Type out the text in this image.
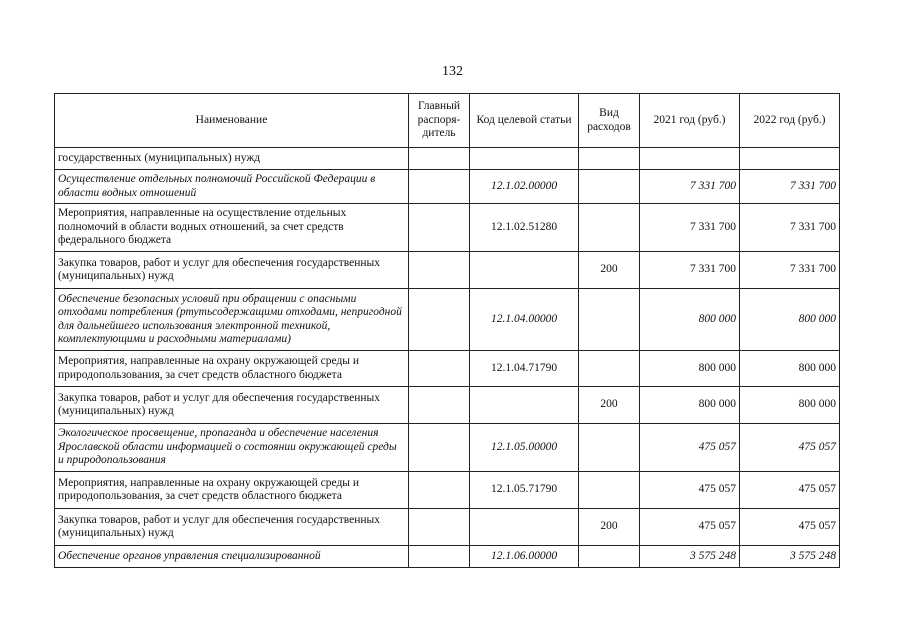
132
Наименование	Главный распоря-дитель	Код целевой статьи	Вид расходов	2021 год (руб.)	2022 год (руб.)
государственных (муниципальных) нужд					
Осуществление отдельных полномочий Российской Федерации в области водных отношений		12.1.02.00000		7 331 700	7 331 700
Мероприятия, направленные на осуществление отдельных полномочий в области водных отношений, за счет средств федерального бюджета		12.1.02.51280		7 331 700	7 331 700
Закупка товаров, работ и услуг для обеспечения государственных (муниципальных) нужд			200	7 331 700	7 331 700
Обеспечение безопасных условий при обращении с опасными отходами потребления (ртутьсодержащими отходами, непригодной для дальнейшего использования электронной техникой, комплектующими и расходными материалами)		12.1.04.00000		800 000	800 000
Мероприятия, направленные на охрану окружающей среды и природопользования, за счет средств областного бюджета		12.1.04.71790		800 000	800 000
Закупка товаров, работ и услуг для обеспечения государственных (муниципальных) нужд			200	800 000	800 000
Экологическое просвещение, пропаганда и обеспечение населения Ярославской области информацией о состоянии окружающей среды и природопользования		12.1.05.00000		475 057	475 057
Мероприятия, направленные на охрану окружающей среды и природопользования, за счет средств областного бюджета		12.1.05.71790		475 057	475 057
Закупка товаров, работ и услуг для обеспечения государственных (муниципальных) нужд			200	475 057	475 057
Обеспечение органов управления специализированной		12.1.06.00000		3 575 248	3 575 248
